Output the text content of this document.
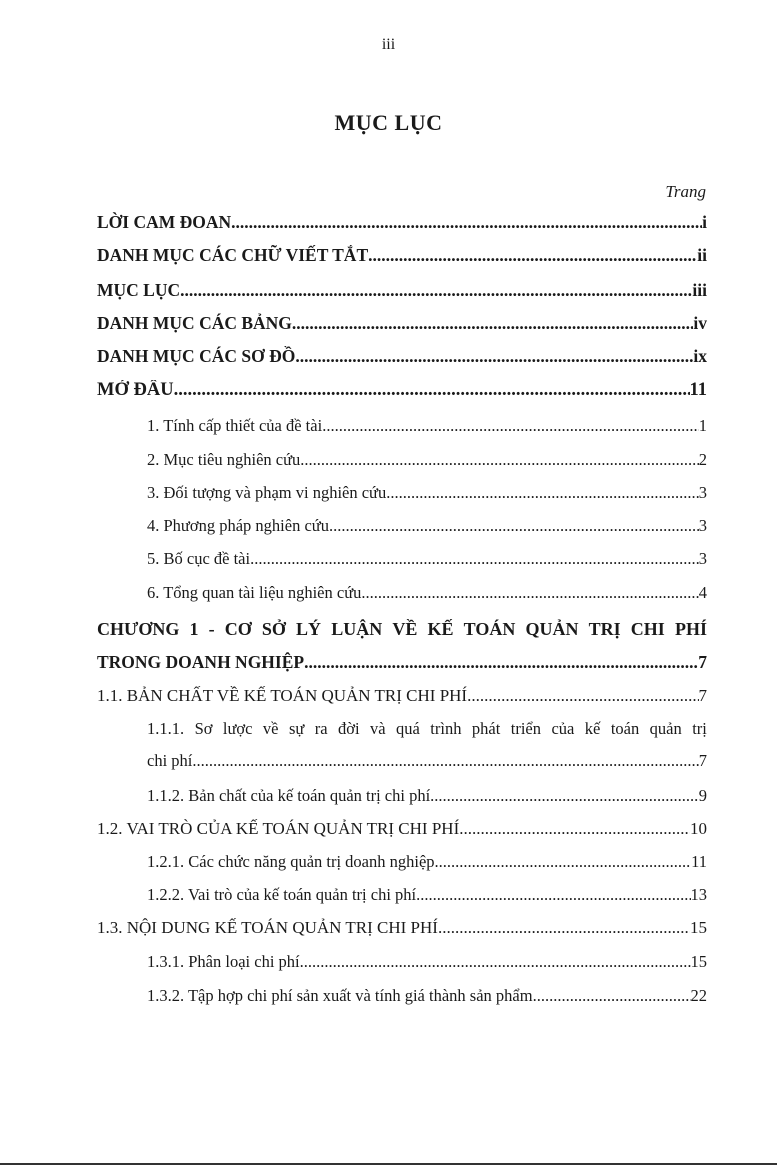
iii
MỤC LỤC
Trang
LỜI CAM ĐOAN .....	i
DANH MỤC CÁC CHỮ VIẾT TẮT .....	ii
MỤC LỤC .....	iii
DANH MỤC CÁC BẢNG .....	iv
DANH MỤC CÁC SƠ ĐỒ .....	ix
MỞ ĐẦU .....	11
1. Tính cấp thiết của đề tài .....	1
2. Mục tiêu nghiên cứu .....	2
3. Đối tượng và phạm vi nghiên cứu .....	3
4. Phương pháp nghiên cứu .....	3
5. Bố cục đề tài .....	3
6. Tổng quan tài liệu nghiên cứu .....	4
CHƯƠNG 1 - CƠ SỞ LÝ LUẬN VỀ KẾ TOÁN QUẢN TRỊ CHI PHÍ
TRONG DOANH NGHIỆP .....	7
1.1. BẢN CHẤT VỀ KẾ TOÁN QUẢN TRỊ CHI PHÍ .....	7
1.1.1. Sơ lược về sự ra đời và quá trình phát triển của kế toán quản trị
chi phí .....	7
1.1.2. Bản chất của kế toán quản trị chi phí .....	9
1.2. VAI TRÒ CỦA KẾ TOÁN QUẢN TRỊ CHI PHÍ .....	10
1.2.1. Các chức năng quản trị doanh nghiệp .....	11
1.2.2. Vai trò của kế toán quản trị chi phí .....	13
1.3. NỘI DUNG KẾ TOÁN QUẢN TRỊ CHI PHÍ .....	15
1.3.1. Phân loại chi phí .....	15
1.3.2. Tập hợp chi phí sản xuất và tính giá thành sản phẩm .....	22
